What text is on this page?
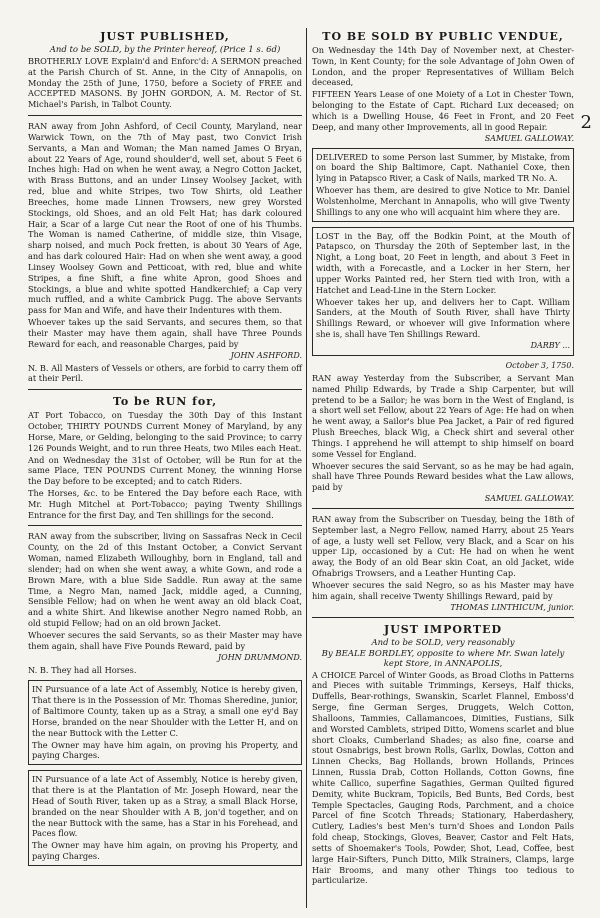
2
JUST PUBLISHED,
And to be SOLD, by the Printer hereof, (Price 1 s. 6d)

BROTHERLY LOVE Explain'd and Enforc'd: A SERMON preached at the Parish Church of St. Anne, in the City of Annapolis, on Monday the 25th of June, 1750, before a Society of FREE and ACCEPTED MASONS. By JOHN GORDON, A. M. Rector of St. Michael's Parish, in Talbot County.

RAN away from John Ashford, of Cecil County, Maryland, near Warwick Town, on the 7th of May past, two Convict Irish Servants, a Man and Woman; the Man named James O Bryan, about 22 Years of Age, round shoulder'd, well set, about 5 Feet 6 Inches high: Had on when he went away, a Negro Cotton Jacket, with Brass Buttons, and an under Linsey Woolsey Jacket, with red, blue and white Stripes, two Tow Shirts, old Leather Breeches, home made Linnen Trowsers, new grey Worsted Stockings, old Shoes, and an old Felt Hat; has dark coloured Hair, a Scar of a large Cut near the Root of one of his Thumbs. The Woman is named Catherine, of middle size, thin Visage, sharp noised, and much Pock fretten, is about 30 Years of Age, and has dark coloured Hair: Had on when she went away, a good Linsey Woolsey Gown and Petticoat, with red, blue and white Stripes, a fine Shift, a fine white Apron, good Shoes and Stockings, a blue and white spotted Handkerchief; a Cap very much ruffled, and a white Cambrick Pugg. The above Servants pass for Man and Wife, and have their Indentures with them.

Whoever takes up the said Servants, and secures them, so that their Master may have them again, shall have Three Pounds Reward for each, and reasonable Charges, paid by

JOHN ASHFORD.

N. B. All Masters of Vessels or others, are forbid to carry them off at their Peril.

To be RUN for,

AT Port Tobacco, on Tuesday the 30th Day of this Instant October, THIRTY POUNDS Current Money of Maryland, by any Horse, Mare, or Gelding, belonging to the said Province; to carry 126 Pounds Weight, and to run three Heats, two Miles each Heat.

And on Wednesday the 31st of October, will be Run for at the same Place, TEN POUNDS Current Money, the winning Horse the Day before to be excepted; and to catch Riders.

The Horses, &c. to be Entered the Day before each Race, with Mr. Hugh Mitchel at Port-Tobacco; paying Twenty Shillings Entrance for the first Day, and Ten shillings for the second.

RAN away from the subscriber, living on Sassafras Neck in Cecil County, on the 2d of this Instant October, a Convict Servant Woman, named Elizabeth Willoughby, born in England, tall and slender; had on when she went away, a white Gown, and rode a Brown Mare, with a blue Side Saddle. Run away at the same Time, a Negro Man, named Jack, middle aged, a Cunning, Sensible Fellow; had on when he went away an old black Coat, and a white Shirt. And likewise another Negro named Robb, an old stupid Fellow; had on an old brown Jacket.

Whoever secures the said Servants, so as their Master may have them again, shall have Five Pounds Reward, paid by

JOHN DRUMMOND.

N. B. They had all Horses.

IN Pursuance of a late Act of Assembly, Notice is hereby given, That there is in the Possession of Mr. Thomas Sheredine, junior, of Baltimore County, taken up as a Stray, a small one ey'd Bay Horse, branded on the near Shoulder with the Letter H, and on the near Buttock with the Letter C.

The Owner may have him again, on proving his Property, and paying Charges.

IN Pursuance of a late Act of Assembly, Notice is hereby given, that there is at the Plantation of Mr. Joseph Howard, near the Head of South River, taken up as a Stray, a small Black Horse, branded on the near Shoulder with A B, jon'd together, and on the near Buttock with the same, has a Star in his Forehead, and Paces flow.

The Owner may have him again, on proving his Property, and paying Charges.

TO BE SOLD BY PUBLIC VENDUE,

On Wednesday the 14th Day of November next, at Chester-Town, in Kent County; for the sole Advantage of John Owen of London, and the proper Representatives of William Belch deceased,

FIFTEEN Years Lease of one Moiety of a Lot in Chester Town, belonging to the Estate of Capt. Richard Lux deceased; on which is a Dwelling House, 46 Feet in Front, and 20 Feet Deep, and many other Improvements, all in good Repair.

SAMUEL GALLOWAY.

DELIVERED to some Person last Summer, by Mistake, from on board the Ship Baltimore, Capt. Nathaniel Coxe, then lying in Patapsco River, a Cask of Nails, marked TR No. A.

Whoever has them, are desired to give Notice to Mr. Daniel Wolstenholme, Merchant in Annapolis, who will give Twenty Shillings to any one who will acquaint him where they are.

LOST in the Bay, off the Bodkin Point, at the Mouth of Patapsco, on Thursday the 20th of September last, in the Night, a Long boat, 20 Feet in length, and about 3 Feet in width, with a Forecastle, and a Locker in her Stern, her upper Works Painted red, her Stern tied with Iron, with a Hatchet and Lead-Line in the Stern Locker.

Whoever takes her up, and delivers her to Capt. William Sanders, at the Mouth of South River, shall have Thirty Shillings Reward, or whoever will give Information where she is, shall have Ten Shillings Reward.

DARBY ...
October 3, 1750.

RAN away Yesterday from the Subscriber, a Servant Man named Philip Edwards, by Trade a Ship Carpenter, but will pretend to be a Sailor; he was born in the West of England, is a short well set Fellow, about 22 Years of Age: He had on when he went away, a Sailor's blue Pea Jacket, a Pair of red figured Plush Breeches, black Wig, a Check shirt and several other Things. I apprehend he will attempt to ship himself on board some Vessel for England.

Whoever secures the said Servant, so as he may be had again, shall have Three Pounds Reward besides what the Law allows, paid by

SAMUEL GALLOWAY.

RAN away from the Subscriber on Tuesday, being the 18th of September last, a Negro Fellow, named Harry, about 25 Years of age, a lusty well set Fellow, very Black, and a Scar on his upper Lip, occasioned by a Cut: He had on when he went away, the Body of an old Bear skin Coat, an old Jacket, wide Ofnabrigs Trowsers, and a Leather Hunting Cap.

Whoever secures the said Negro, so as his Master may have him again, shall receive Twenty Shillings Reward, paid by

THOMAS LINTHICUM, junior.
JUST IMPORTED
And to be SOLD, very reasonably
By BEALE BORDLEY, opposite to where Mr. Swan lately kept Store, in ANNAPOLIS,

A CHOICE Parcel of Winter Goods, as Broad Cloths in Patterns and Pieces with suitable Trimmings, Kerseys, Half thicks, Duffells, Bear-rothings, Swanskin, Scarlet Flannel, Emboss'd Serge, fine German Serges, Druggets, Welch Cotton, Shalloons, Tammies, Callamancoes, Dimities, Fustians, Silk and Worsted Camblets, striped Ditto, Womens scarlet and blue short Cloaks, Cumberland Shades; as also fine, coarse and stout Osnabrigs, best brown Rolls, Garlix, Dowlas, Cotton and Linnen Checks, Bag Hollands, brown Hollands, Princes Linnen, Russia Drab, Cotton Hollands, Cotton Gowns, fine white Callico, superfine Sagathies, German Quilted figured Demity, white Buckram, Topicils, Bed Bunts, Bed Cords, best Temple Spectacles, Gauging Rods, Parchment, and a choice Parcel of fine Scotch Threads; Stationary, Haberdashery, Cutlery, Ladies's best Men's turn'd Shoes and London Pails fold cheap, Stockings, Gloves, Beaver, Castor and Felt Hats, setts of Shoemaker's Tools, Powder, Shot, Lead, Coffee, best large Hair-Sifters, Punch Ditto, Milk Strainers, Clamps, large Hair Brooms, and many other Things too tedious to particularize.
